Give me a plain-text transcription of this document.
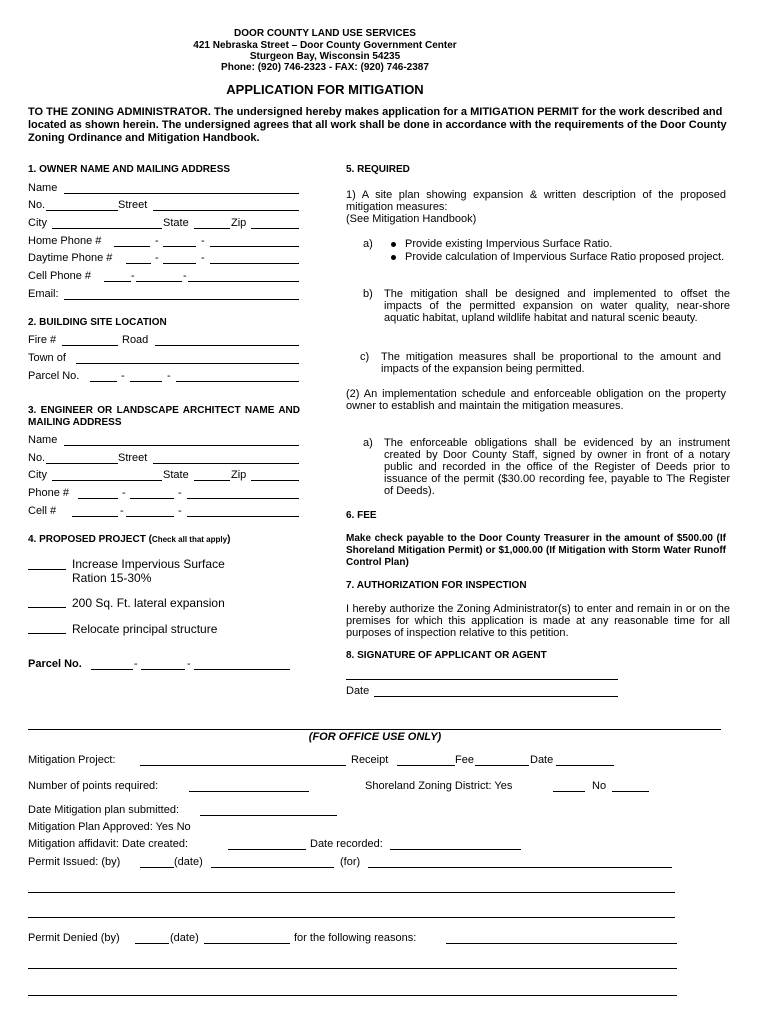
DOOR COUNTY LAND USE SERVICES
421 Nebraska Street – Door County Government Center
Sturgeon Bay, Wisconsin 54235
Phone: (920) 746-2323 - FAX: (920) 746-2387
APPLICATION FOR MITIGATION
TO THE ZONING ADMINISTRATOR. The undersigned hereby makes application for a MITIGATION PERMIT for the work described and located as shown herein. The undersigned agrees that all work shall be done in accordance with the requirements of the Door County Zoning Ordinance and Mitigation Handbook.
1. OWNER NAME AND MAILING ADDRESS
Name
No.	Street
City	State	Zip
Home Phone #	-	-
Daytime Phone #	-	-
Cell Phone #	-	-
Email:
2. BUILDING SITE LOCATION
Fire #	Road
Town of
Parcel No.	-	-
3. ENGINEER OR LANDSCAPE ARCHITECT NAME AND MAILING ADDRESS
Name
No.	Street
City	State	Zip
Phone #	-	-
Cell #	-	-
4. PROPOSED PROJECT (Check all that apply)
Increase Impervious Surface
Ration 15-30%
200 Sq. Ft. lateral expansion
Relocate principal structure
Parcel No.	-	-
5. REQUIRED
1) A site plan showing expansion & written description of the proposed mitigation measures:
(See Mitigation Handbook)
a)	Provide existing Impervious Surface Ratio.
Provide calculation of Impervious Surface Ratio proposed project.
b) The mitigation shall be designed and implemented to offset the impacts of the permitted expansion on water quality, near-shore aquatic habitat, upland wildlife habitat and natural scenic beauty.
c) The mitigation measures shall be proportional to the amount and impacts of the expansion being permitted.
(2) An implementation schedule and enforceable obligation on the property owner to establish and maintain the mitigation measures.
a) The enforceable obligations shall be evidenced by an instrument created by Door County Staff, signed by owner in front of a notary public and recorded in the office of the Register of Deeds prior to issuance of the permit ($30.00 recording fee, payable to The Register of Deeds).
6. FEE
Make check payable to the Door County Treasurer in the amount of $500.00 (If Shoreland Mitigation Permit) or $1,000.00 (If Mitigation with Storm Water Runoff Control Plan)
7. AUTHORIZATION FOR INSPECTION
I hereby authorize the Zoning Administrator(s) to enter and remain in or on the premises for which this application is made at any reasonable time for all purposes of inspection relative to this petition.
8. SIGNATURE OF APPLICANT OR AGENT
Date
(FOR OFFICE USE ONLY)
Mitigation Project:	Receipt	Fee	Date
Number of points required:	Shoreland Zoning District: Yes	No
Date Mitigation plan submitted:
Mitigation Plan Approved: Yes No
Mitigation affidavit: Date created:	Date recorded:
Permit Issued: (by)	(date)	(for)
Permit Denied (by)	(date)	for the following reasons:
